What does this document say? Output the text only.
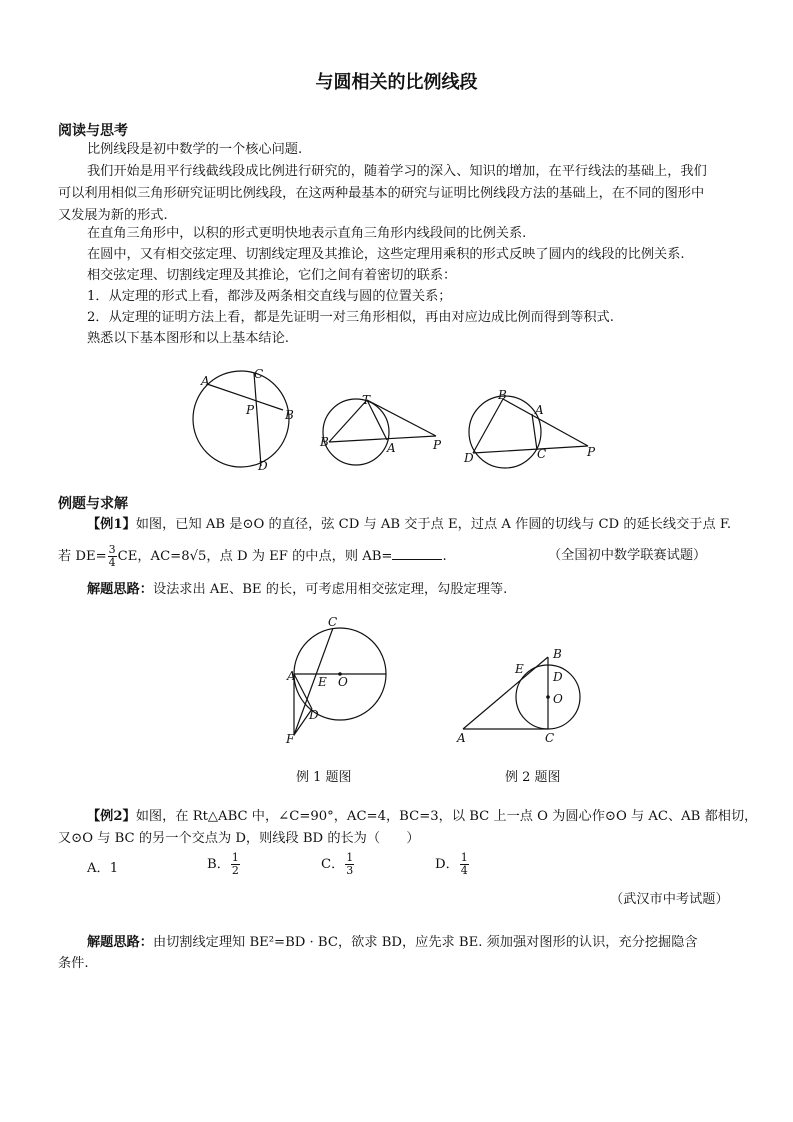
与圆相关的比例线段
阅读与思考
比例线段是初中数学的一个核心问题.
我们开始是用平行线截线段成比例进行研究的，随着学习的深入、知识的增加，在平行线法的基础上，我们
可以利用相似三角形研究证明比例线段，在这两种最基本的研究与证明比例线段方法的基础上，在不同的图形中
又发展为新的形式.
在直角三角形中，以积的形式更明快地表示直角三角形内线段间的比例关系.
在圆中，又有相交弦定理、切割线定理及其推论，这些定理用乘积的形式反映了圆内的线段的比例关系.
相交弦定理、切割线定理及其推论，它们之间有着密切的联系：
1．从定理的形式上看，都涉及两条相交直线与圆的位置关系；
2．从定理的证明方法上看，都是先证明一对三角形相似，再由对应边成比例而得到等积式.
熟悉以下基本图形和以上基本结论.
A	C
P	B
D
T
B	A	P
B
A
D	C	P
C
A E O
D
F
B
E
D
O
A	C
例题与求解
【例1】如图，已知 AB 是⊙O 的直径，弦 CD 与 AB 交于点 E，过点 A 作圆的切线与 CD 的延长线交于点 F.
若 $DE= \frac{3}{4}$ CE，AC=8√5，点 D 为 EF 的中点，则 AB=	.	（全国初中数学联赛试题）
解题思路：设法求出 AE、BE 的长，可考虑用相交弦定理，勾股定理等.
例 1 题图	例 2 题图
【例2】如图，在 Rt△ABC 中，∠C=90°，AC=4，BC=3，以 BC 上一点 O 为圆心作⊙O 与 AC、AB 都相切，
又⊙O 与 BC 的另一个交点为 D，则线段 BD 的长为（　　）
A．1	B． $\frac{1}{2}$	C． $\frac{1}{3}$	D． $\frac{1}{4}$
（武汉市中考试题）
解题思路：由切割线定理知 BE²=BD · BC，欲求 BD，应先求 BE. 须加强对图形的认识，充分挖掘隐含
条件.
